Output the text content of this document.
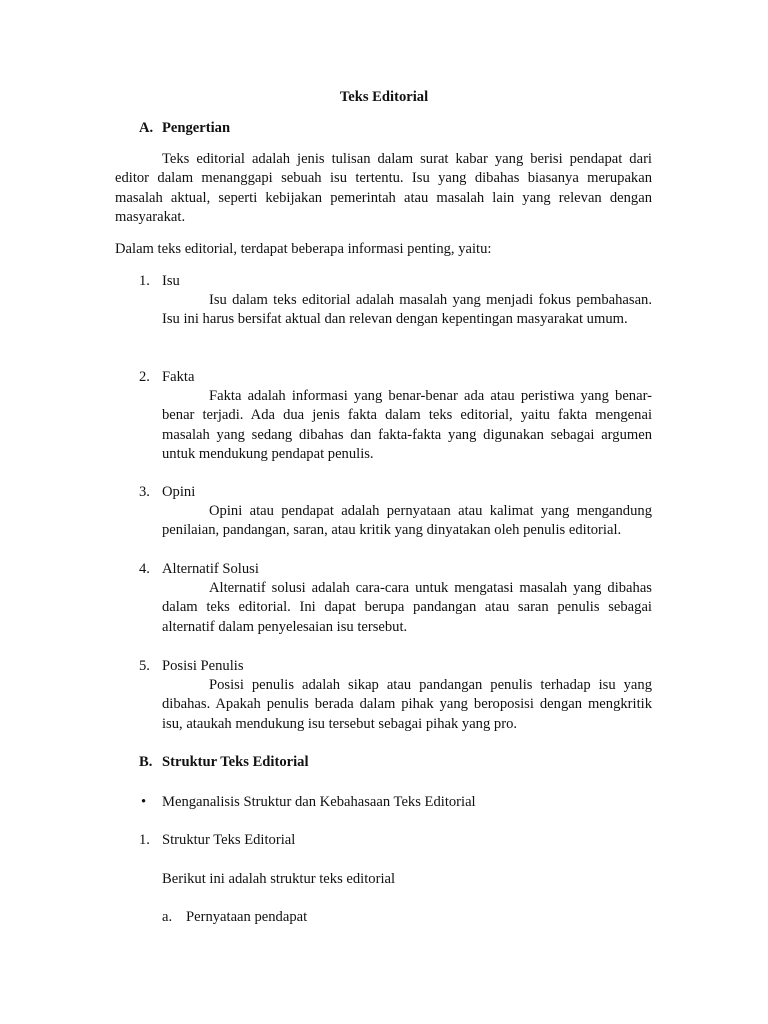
Teks Editorial
A. Pengertian
Teks editorial adalah jenis tulisan dalam surat kabar yang berisi pendapat dari editor dalam menanggapi sebuah isu tertentu. Isu yang dibahas biasanya merupakan masalah aktual, seperti kebijakan pemerintah atau masalah lain yang relevan dengan masyarakat.
Dalam teks editorial, terdapat beberapa informasi penting, yaitu:
1. Isu
Isu dalam teks editorial adalah masalah yang menjadi fokus pembahasan. Isu ini harus bersifat aktual dan relevan dengan kepentingan masyarakat umum.
2. Fakta
Fakta adalah informasi yang benar-benar ada atau peristiwa yang benar-benar terjadi. Ada dua jenis fakta dalam teks editorial, yaitu fakta mengenai masalah yang sedang dibahas dan fakta-fakta yang digunakan sebagai argumen untuk mendukung pendapat penulis.
3. Opini
Opini atau pendapat adalah pernyataan atau kalimat yang mengandung penilaian, pandangan, saran, atau kritik yang dinyatakan oleh penulis editorial.
4. Alternatif Solusi
Alternatif solusi adalah cara-cara untuk mengatasi masalah yang dibahas dalam teks editorial. Ini dapat berupa pandangan atau saran penulis sebagai alternatif dalam penyelesaian isu tersebut.
5. Posisi Penulis
Posisi penulis adalah sikap atau pandangan penulis terhadap isu yang dibahas. Apakah penulis berada dalam pihak yang beroposisi dengan mengkritik isu, ataukah mendukung isu tersebut sebagai pihak yang pro.
B. Struktur Teks Editorial
• Menganalisis Struktur dan Kebahasaan Teks Editorial
1. Struktur Teks Editorial
Berikut ini adalah struktur teks editorial
a. Pernyataan pendapat
